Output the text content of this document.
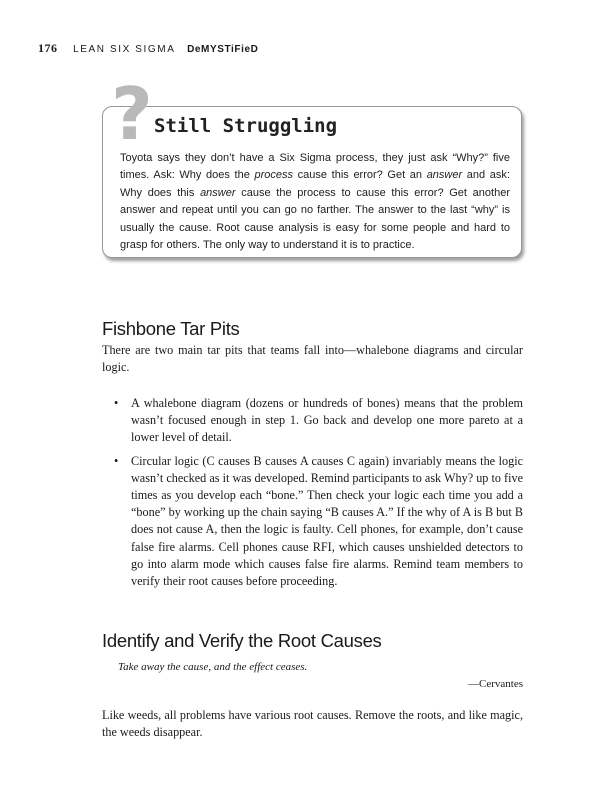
176 LEAN SIX SIGMA DeMYSTiFieD
? Still Struggling
Toyota says they don’t have a Six Sigma process, they just ask “Why?” five times. Ask: Why does the process cause this error? Get an answer and ask: Why does this answer cause the process to cause this error? Get another answer and repeat until you can go no farther. The answer to the last “why” is usually the cause. Root cause analysis is easy for some people and hard to grasp for others. The only way to understand it is to practice.
Fishbone Tar Pits
There are two main tar pits that teams fall into—whalebone diagrams and circular logic.
• A whalebone diagram (dozens or hundreds of bones) means that the problem wasn’t focused enough in step 1. Go back and develop one more pareto at a lower level of detail.
• Circular logic (C causes B causes A causes C again) invariably means the logic wasn’t checked as it was developed. Remind participants to ask Why? up to five times as you develop each “bone.” Then check your logic each time you add a “bone” by working up the chain saying “B causes A.” If the why of A is B but B does not cause A, then the logic is faulty. Cell phones, for example, don’t cause false fire alarms. Cell phones cause RFI, which causes unshielded detectors to go into alarm mode which causes false fire alarms. Remind team members to verify their root causes before proceeding.
Identify and Verify the Root Causes
Take away the cause, and the effect ceases.
—Cervantes
Like weeds, all problems have various root causes. Remove the roots, and like magic, the weeds disappear.
